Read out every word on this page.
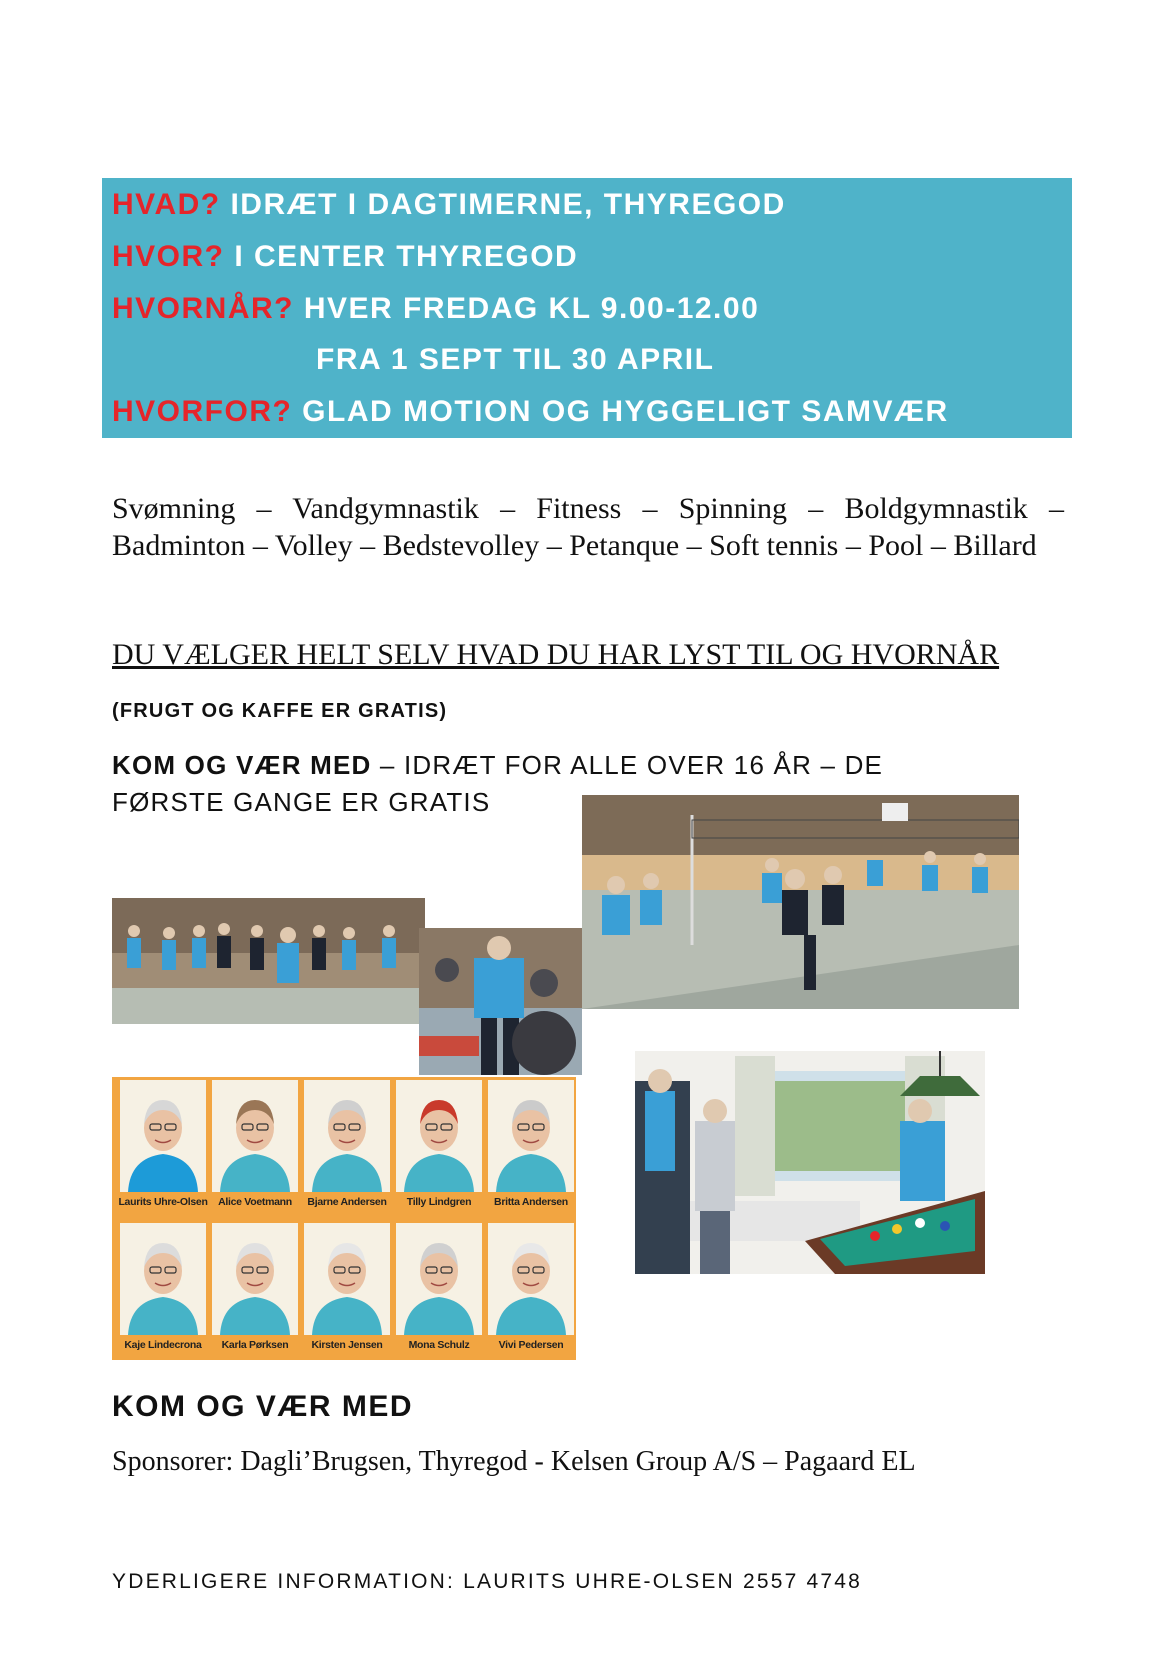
HVAD? IDRÆT I DAGTIMERNE, THYREGOD
HVOR? I CENTER THYREGOD
HVORNÅR? HVER FREDAG KL 9.00-12.00
FRA 1 SEPT TIL 30 APRIL
HVORFOR? GLAD MOTION OG HYGGELIGT SAMVÆR
Svømning – Vandgymnastik – Fitness – Spinning – Boldgymnastik –
Badminton – Volley – Bedstevolley – Petanque – Soft tennis – Pool – Billard
DU VÆLGER HELT SELV HVAD DU HAR LYST TIL OG HVORNÅR
(FRUGT OG KAFFE ER GRATIS)
KOM OG VÆR MED – IDRÆT FOR ALLE OVER 16 ÅR – DE FØRSTE GANGE ER GRATIS
Laurits Uhre-Olsen	Alice Voetmann	Bjarne Andersen	Tilly Lindgren	Britta Andersen
Kaje Lindecrona	Karla Pørksen	Kirsten Jensen	Mona Schulz	Vivi Pedersen
KOM OG VÆR MED
Sponsorer: Dagli’Brugsen, Thyregod - Kelsen Group A/S – Pagaard EL
YDERLIGERE INFORMATION: LAURITS UHRE-OLSEN 2557 4748
